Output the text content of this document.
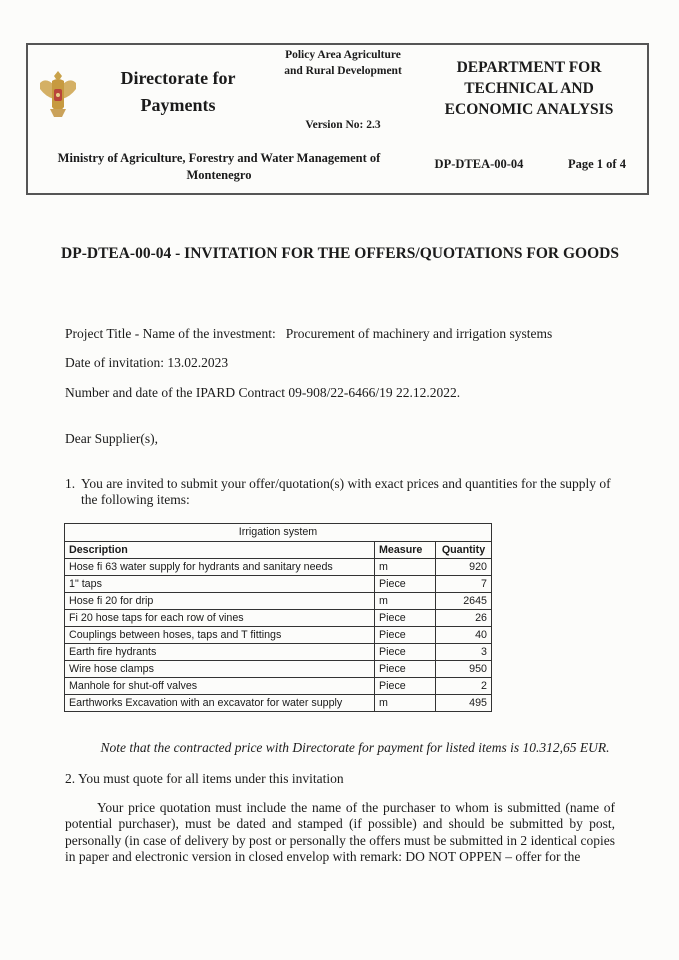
Directorate for Payments
Policy Area Agriculture and Rural Development
Version No: 2.3
DEPARTMENT FOR TECHNICAL AND ECONOMIC ANALYSIS
Ministry of Agriculture, Forestry and Water Management of Montenegro
DP-DTEA-00-04	Page 1 of 4
DP-DTEA-00-04 - INVITATION FOR THE OFFERS/QUOTATIONS FOR GOODS
Project Title - Name of the investment: Procurement of machinery and irrigation systems
Date of invitation: 13.02.2023
Number and date of the IPARD Contract 09-908/22-6466/19 22.12.2022.
Dear Supplier(s),
1. You are invited to submit your offer/quotation(s) with exact prices and quantities for the supply of the following items:
Irrigation system
Description	Measure	Quantity
Hose fi 63 water supply for hydrants and sanitary needs	m	920
1" taps	Piece	7
Hose fi 20 for drip	m	2645
Fi 20 hose taps for each row of vines	Piece	26
Couplings between hoses, taps and T fittings	Piece	40
Earth fire hydrants	Piece	3
Wire hose clamps	Piece	950
Manhole for shut-off valves	Piece	2
Earthworks Excavation with an excavator for water supply	m	495
Note that the contracted price with Directorate for payment for listed items is 10.312,65 EUR.
2. You must quote for all items under this invitation
Your price quotation must include the name of the purchaser to whom is submitted (name of potential purchaser), must be dated and stamped (if possible) and should be submitted by post, personally (in case of delivery by post or personally the offers must be submitted in 2 identical copies in paper and electronic version in closed envelop with remark: DO NOT OPPEN – offer for the
